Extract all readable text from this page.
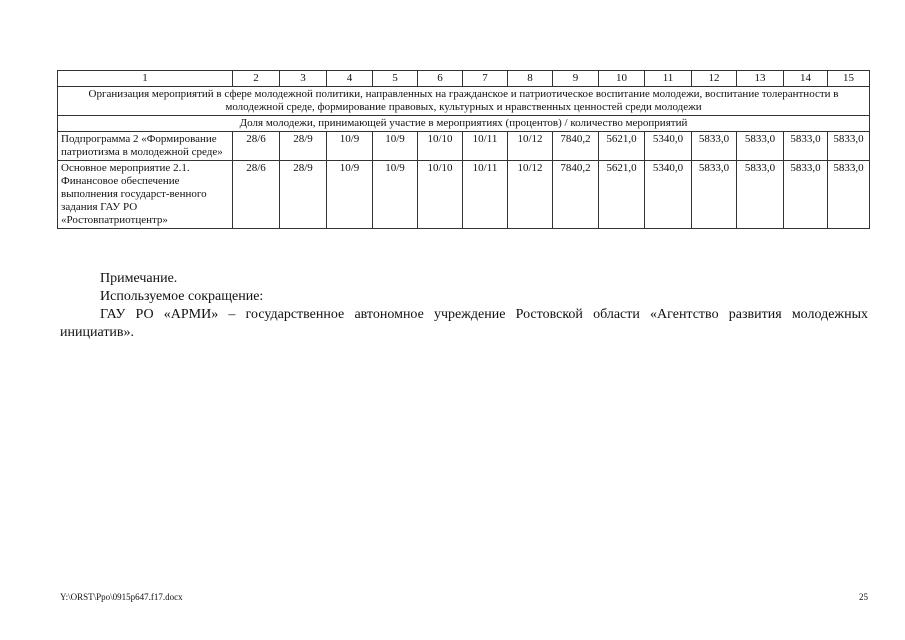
1	2	3	4	5	6	7	8	9	10	11	12	13	14	15
Организация мероприятий в сфере молодежной политики, направленных на гражданское и патриотическое воспитание молодежи, воспитание толерантности в молодежной среде, формирование правовых, культурных и нравственных ценностей среди молодежи														
Доля молодежи, принимающей участие в мероприятиях (процентов) / количество мероприятий														
Подпрограмма 2 «Формирование патриотизма в молодежной среде»	28/6	28/9	10/9	10/9	10/10	10/11	10/12	7840,2	5621,0	5340,0	5833,0	5833,0	5833,0	5833,0
Основное мероприятие 2.1. Финансовое обеспечение выполнения государст-венного задания ГАУ РО «Ростовпатриотцентр»	28/6	28/9	10/9	10/9	10/10	10/11	10/12	7840,2	5621,0	5340,0	5833,0	5833,0	5833,0	5833,0

Примечание.

Используемое сокращение:

ГАУ РО «АРМИ» – государственное автономное учреждение Ростовской области «Агентство развития молодежных инициатив».

Y:\ORST\Ppo\0915p647.f17.docx	25
